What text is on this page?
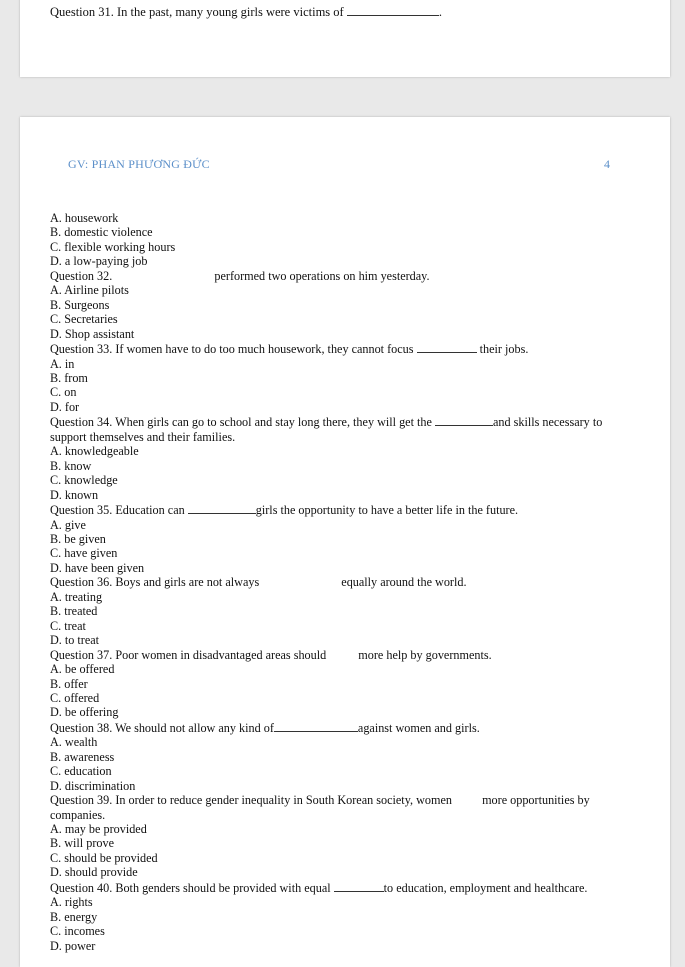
Question 31. In the past, many young girls were victims of	.
GV: PHAN PHƯƠNG ĐỨC	4
A. housework
B. domestic violence
C. flexible working hours
D. a low-paying job
Question 32.	performed two operations on him yesterday.
A. Airline pilots
B. Surgeons
C. Secretaries
D. Shop assistant
Question 33. If women have to do too much housework, they cannot focus	their jobs.
A. in
B. from
C. on
D. for
Question 34. When girls can go to school and stay long there, they will get the	and skills necessary to
support themselves and their families.
A. knowledgeable
B. know
C. knowledge
D. known
Question 35. Education can	girls the opportunity to have a better life in the future.
A. give
B. be given
C. have given
D. have been given
Question 36. Boys and girls are not always	equally around the world.
A. treating
B. treated
C. treat
D. to treat
Question 37. Poor women in disadvantaged areas should	more help by governments.
A. be offered
B. offer
C. offered
D. be offering
Question 38. We should not allow any kind of	against women and girls.
A. wealth
B. awareness
C. education
D. discrimination
Question 39. In order to reduce gender inequality in South Korean society, women more opportunities by
companies.
A. may be provided
B. will prove
C. should be provided
D. should provide
Question 40. Both genders should be provided with equal	to education, employment and healthcare.
A. rights
B. energy
C. incomes
D. power
